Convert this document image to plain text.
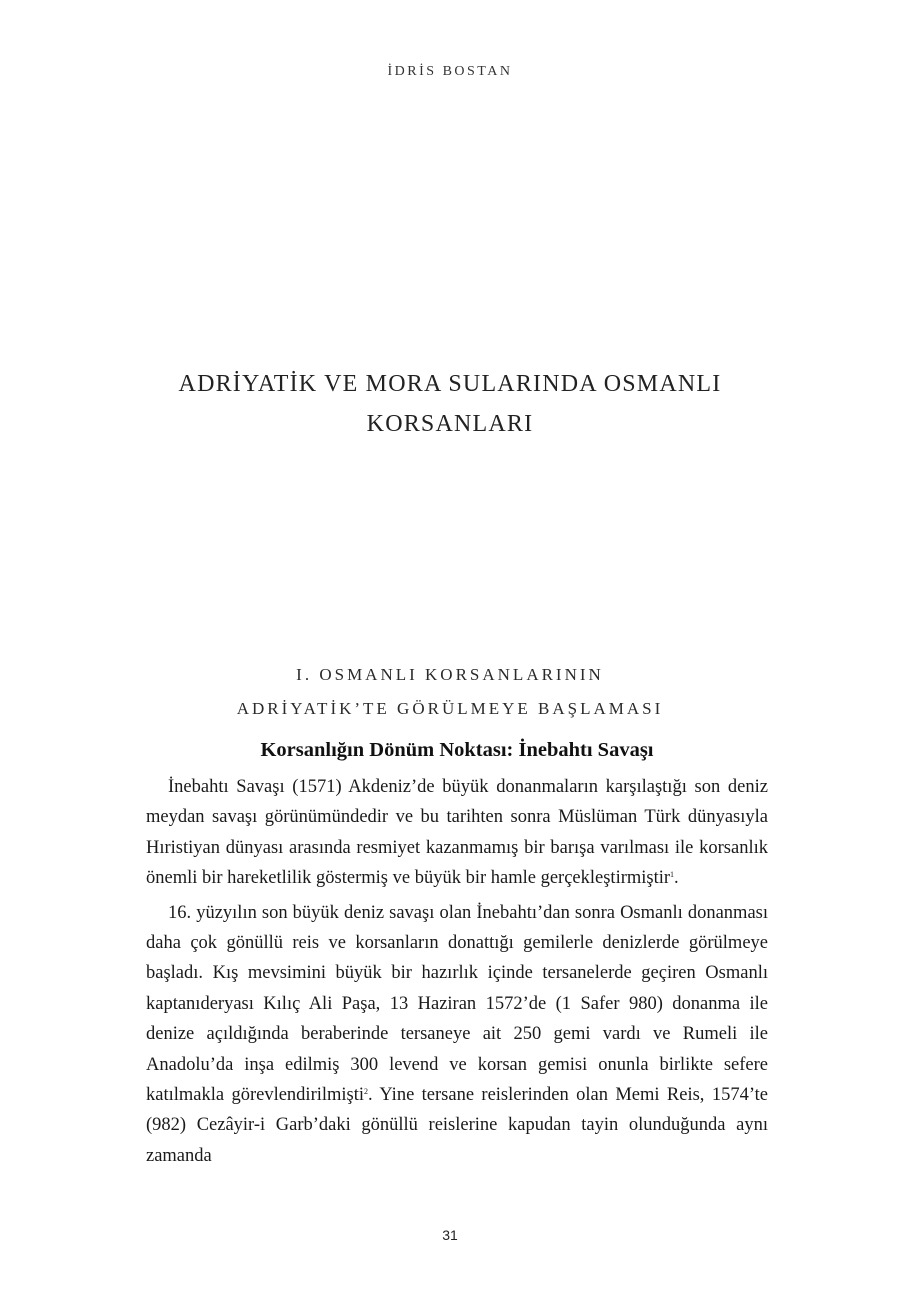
İDRİS BOSTAN
ADRİYATİK VE MORA SULARINDA OSMANLI
KORSANLARI
I. OSMANLI KORSANLARININ
ADRİYATİK’TE GÖRÜLMEYE BAŞLAMASI
Korsanlığın Dönüm Noktası: İnebahtı Savaşı

İnebahtı Savaşı (1571) Akdeniz’de büyük donanmaların karşılaştığı son deniz meydan savaşı görünümündedir ve bu tarihten sonra Müslüman Türk dünyasıyla Hıristiyan dünyası arasında resmiyet kazanmamış bir barışa varılması ile korsanlık önemli bir hareketlilik göstermiş ve büyük bir hamle gerçekleştirmiştir$^1$.

16. yüzyılın son büyük deniz savaşı olan İnebahtı’dan sonra Osmanlı donanması daha çok gönüllü reis ve korsanların donattığı gemilerle denizlerde görülmeye başladı. Kış mevsimini büyük bir hazırlık içinde tersanelerde geçiren Osmanlı kaptanıderyası Kılıç Ali Paşa, 13 Haziran 1572’de (1 Safer 980) donanma ile denize açıldığında beraberinde tersaneye ait 250 gemi vardı ve Rumeli ile Anadolu’da inşa edilmiş 300 levend ve korsan gemisi onunla birlikte sefere katılmakla görevlendirilmişti$^2$. Yine tersane reislerinden olan Memi Reis, 1574’te (982) Cezâyir-i Garb’daki gönüllü reislerine kapudan tayin olunduğunda aynı zamanda

31
